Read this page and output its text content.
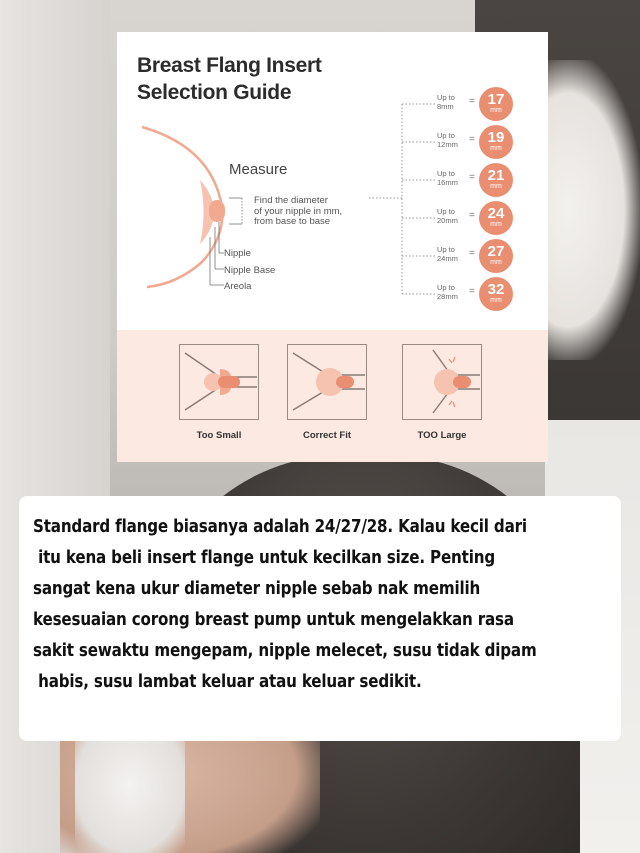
Breast Flang Insert
Selection Guide
Measure
Find the diameter
of your nipple in mm,
from base to base
Nipple
Nipple Base
Areola
Up to
8mm	= 17
mm
Up to
12mm	= 19
mm
Up to
16mm	= 21
mm
Up to
20mm	= 24
mm
Up to
24mm	= 27
mm
Up to
28mm	= 32
mm
Too Small	Correct Fit	TOO Large
Standard flange biasanya adalah 24/27/28. Kalau kecil dari
itu kena beli insert flange untuk kecilkan size. Penting
sangat kena ukur diameter nipple sebab nak memilih
kesesuaian corong breast pump untuk mengelakkan rasa
sakit sewaktu mengepam, nipple melecet, susu tidak dipam
habis, susu lambat keluar atau keluar sedikit.
